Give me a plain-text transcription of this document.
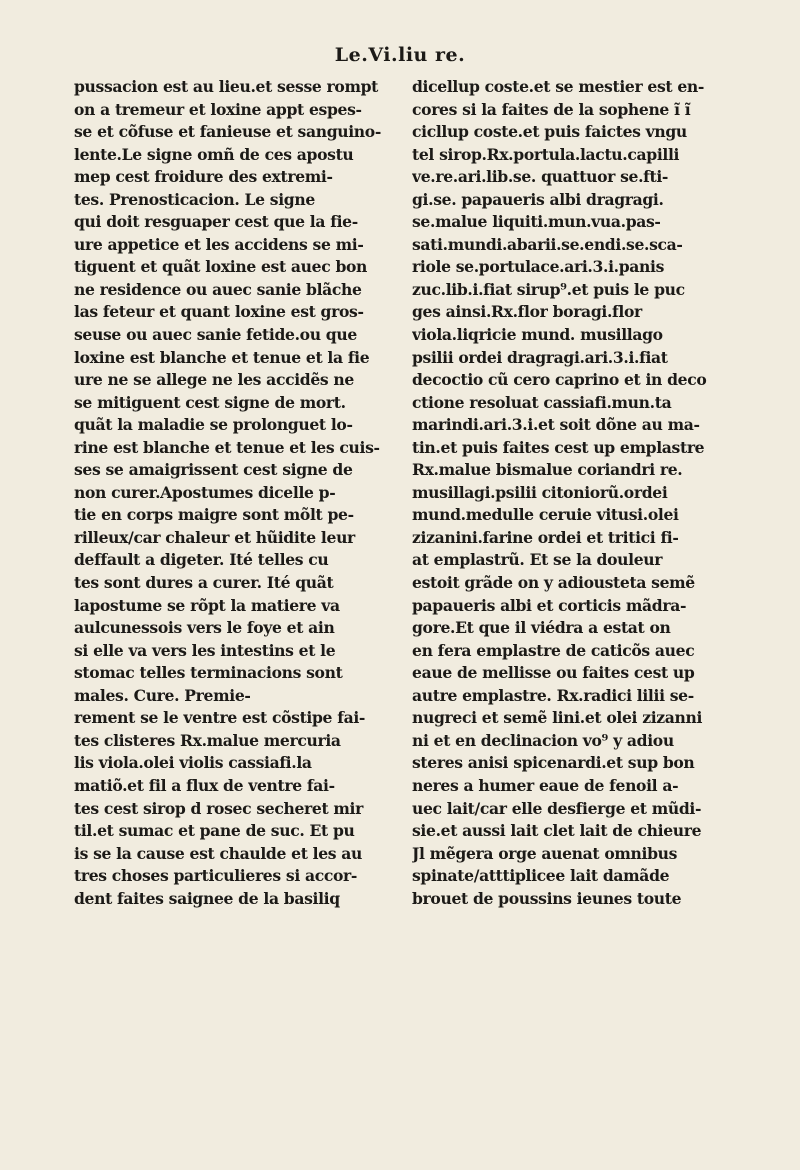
Le.Vi.liu re.
pussacion est au lieu.et sesse rompt
on a tremeur et loxine appt espes-
se et cõfuse et fanieuse et sanguino-
lente.Le signe omñ de ces apostu
mep cest froidure des extremi-
tes. Prenosticacion. Le signe
qui doit resguaper cest que la fie-
ure appetice et les accidens se mi-
tiguent et quãt loxine est auec bon
ne residence ou auec sanie blãche
las feteur et quant loxine est gros-
seuse ou auec sanie fetide.ou que
loxine est blanche et tenue et la fie
ure ne se allege ne les accidẽs ne
se mitiguent cest signe de mort.
quãt la maladie se prolonguet lo-
rine est blanche et tenue et les cuis-
ses se amaigrissent cest signe de
non curer.Apostumes dicelle p-
tie en corps maigre sont mõlt pe-
rilleux/car chaleur et hũidite leur
deffault a digeter. Ité telles cu
tes sont dures a curer. Ité quãt
lapostume se rõpt la matiere va
aulcunessois vers le foye et ain
si elle va vers les intestins et le
stomac telles terminacions sont
males. Cure. Premie-
rement se le ventre est cõstipe fai-
tes clisteres Rx.malue mercuria
lis viola.olei violis cassiafi.la
matiõ.et fil a flux de ventre fai-
tes cest sirop d rosec secheret mir
til.et sumac et pane de suc. Et pu
is se la cause est chaulde et les au
tres choses particulieres si accor-
dent faites saignee de la basiliq
dicellup coste.et se mestier est en-
cores si la faites de la sophene ĩ ĩ
cicllup coste.et puis faictes vngu
tel sirop.Rx.portula.lactu.capilli
ve.re.ari.lib.se. quattuor se.fti-
gi.se. papaueris albi dragragi.
se.malue liquiti.mun.vua.pas-
sati.mundi.abarii.se.endi.se.sca-
riole se.portulace.ari.3.i.panis
zuc.lib.i.fiat sirup⁹.et puis le puc
ges ainsi.Rx.flor boragi.flor
viola.liqricie mund. musillago
psilii ordei dragragi.ari.3.i.fiat
decoctio cũ cero caprino et in deco
ctione resoluat cassiafi.mun.ta
marindi.ari.3.i.et soit dõne au ma-
tin.et puis faites cest up emplastre
Rx.malue bismalue coriandri re.
musillagi.psilii citoniorũ.ordei
mund.medulle ceruie vitusi.olei
zizanini.farine ordei et tritici fi-
at emplastrũ. Et se la douleur
estoit grãde on y adiousteta semẽ
papaueris albi et corticis mãdra-
gore.Et que il viédra a estat on
en fera emplastre de caticõs auec
eaue de mellisse ou faites cest up
autre emplastre. Rx.radici lilii se-
nugreci et semẽ lini.et olei zizanni
ni et en declinacion vo⁹ y adiou
steres anisi spicenardi.et sup bon
neres a humer eaue de fenoil a-
uec lait/car elle desfierge et mũdi-
sie.et aussi lait clet lait de chieure
Jl mẽgera orge auenat omnibus
spinate/atttiplicee lait damãde
brouet de poussins ieunes toute
